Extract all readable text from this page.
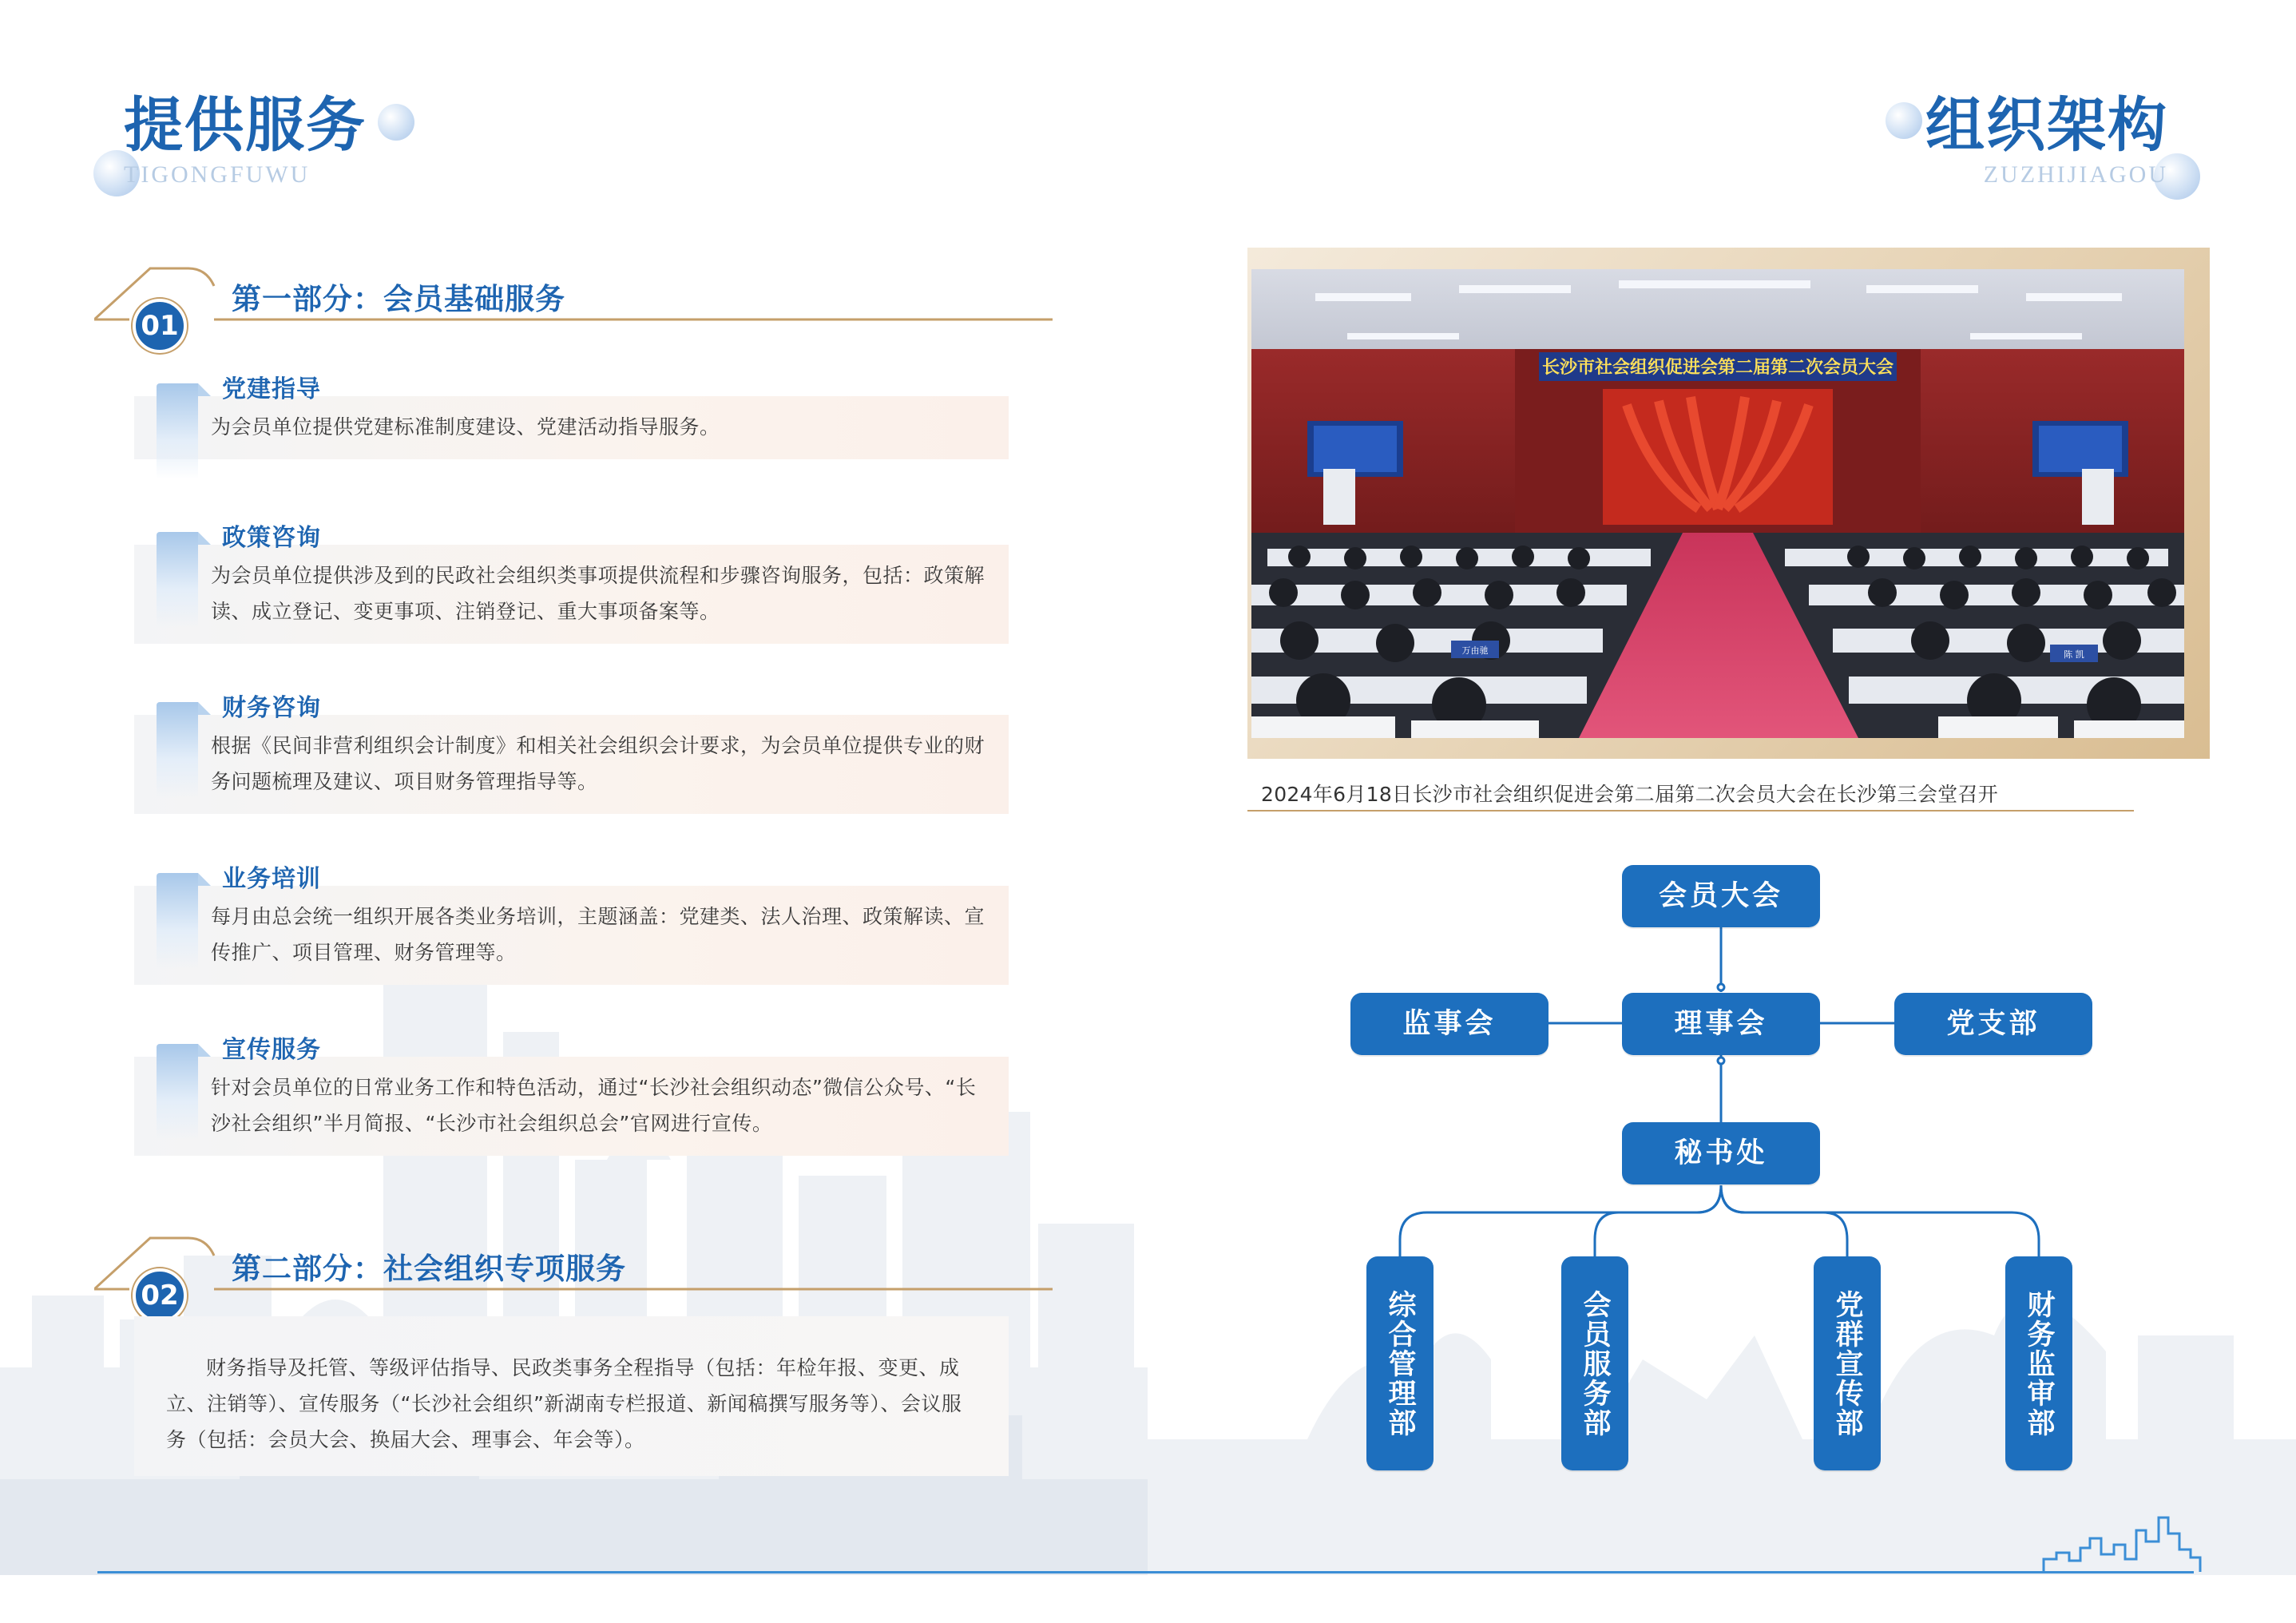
提供服务
TIGONGFUWU
01
第一部分：会员基础服务

为会员单位提供党建标准制度建设、党建活动指导服务。

党建指导

为会员单位提供涉及到的民政社会组织类事项提供流程和步骤咨询服务，包括：政策解读、成立登记、变更事项、注销登记、重大事项备案等。

政策咨询

根据《民间非营利组织会计制度》和相关社会组织会计要求，为会员单位提供专业的财务问题梳理及建议、项目财务管理指导等。

财务咨询

每月由总会统一组织开展各类业务培训，主题涵盖：党建类、法人治理、政策解读、宣传推广、项目管理、财务管理等。

业务培训

针对会员单位的日常业务工作和特色活动，通过“长沙社会组织动态”微信公众号、“长沙社会组织”半月简报、“长沙市社会组织总会”官网进行宣传。

宣传服务
02
第二部分：社会组织专项服务

财务指导及托管、等级评估指导、民政类事务全程指导（包括：年检年报、变更、成立、注销等）、宣传服务（“长沙社会组织”新湖南专栏报道、新闻稿撰写服务等）、会议服务（包括：会员大会、换届大会、理事会、年会等）。

组织架构
ZUZHIJIAGOU
长沙市社会组织促进会第二届第二次会员大会
万由驰	陈 凯
2024年6月18日长沙市社会组织促进会第二届第二次会员大会在长沙第三会堂召开
会员大会
理事会
监事会	党支部
秘书处
综合管理部	会员服务部	党群宣传部	财务监审部
